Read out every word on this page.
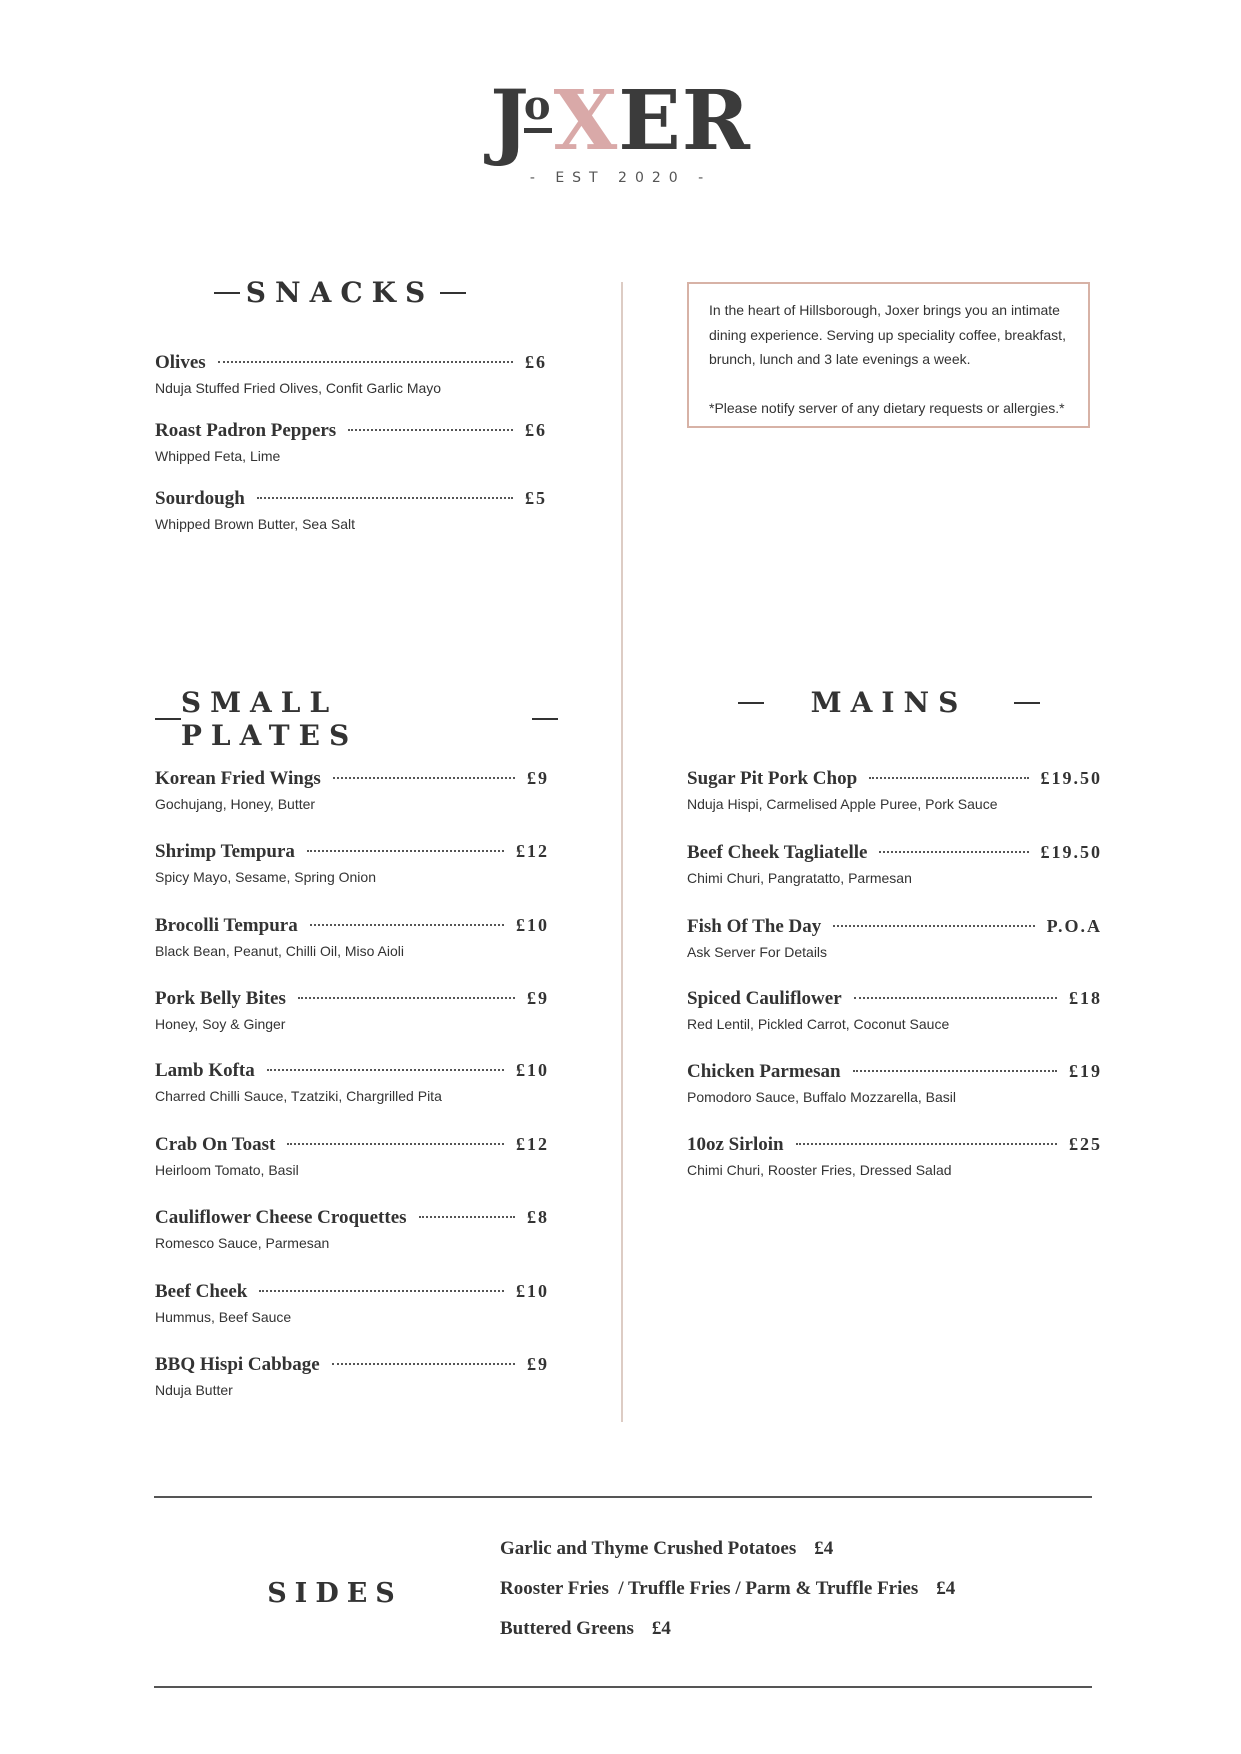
JoXER
- EST 2020 -
SNACKS
Olives	£6
Nduja Stuffed Fried Olives, Confit Garlic Mayo
Roast Padron Peppers	£6
Whipped Feta, Lime
Sourdough	£5
Whipped Brown Butter, Sea Salt

In the heart of Hillsborough, Joxer brings you an intimate dining experience. Serving up speciality coffee, breakfast, brunch, lunch and 3 late evenings a week.

*Please notify server of any dietary requests or allergies.*

SMALL PLATES
Korean Fried Wings	£9
Gochujang, Honey, Butter
Shrimp Tempura	£12
Spicy Mayo, Sesame, Spring Onion
Brocolli Tempura	£10
Black Bean, Peanut, Chilli Oil, Miso Aioli
Pork Belly Bites	£9
Honey, Soy & Ginger
Lamb Kofta	£10
Charred Chilli Sauce, Tzatziki, Chargrilled Pita
Crab On Toast	£12
Heirloom Tomato, Basil
Cauliflower Cheese Croquettes	£8
Romesco Sauce, Parmesan
Beef Cheek	£10
Hummus, Beef Sauce
BBQ Hispi Cabbage	£9
Nduja Butter
MAINS
Sugar Pit Pork Chop	£19.50
Nduja Hispi, Carmelised Apple Puree, Pork Sauce
Beef Cheek Tagliatelle	£19.50
Chimi Churi, Pangratatto, Parmesan
Fish Of The Day	P.O.A
Ask Server For Details
Spiced Cauliflower	£18
Red Lentil, Pickled Carrot, Coconut Sauce
Chicken Parmesan	£19
Pomodoro Sauce, Buffalo Mozzarella, Basil
10oz Sirloin	£25
Chimi Churi, Rooster Fries, Dressed Salad
SIDES
Garlic and Thyme Crushed Potatoes £4
Rooster Fries  / Truffle Fries / Parm & Truffle Fries £4
Buttered Greens £4
